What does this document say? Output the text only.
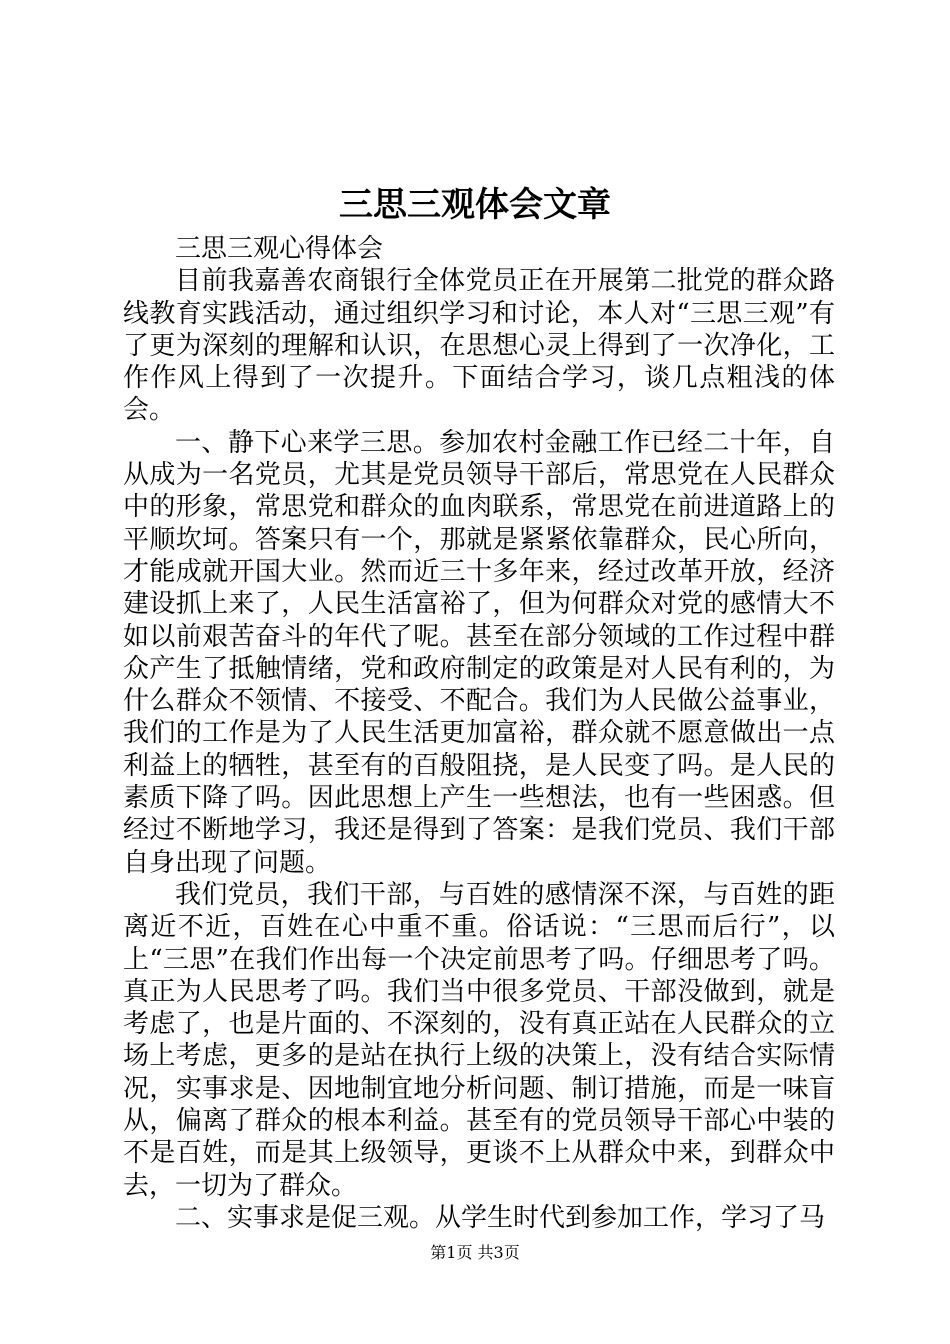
三思三观体会文章

三思三观心得体会

目前我嘉善农商银行全体党员正在开展第二批党的群众路线教育实践活动，通过组织学习和讨论，本人对“三思三观”有了更为深刻的理解和认识，在思想心灵上得到了一次净化，工作作风上得到了一次提升。下面结合学习，谈几点粗浅的体会。

一、静下心来学三思。参加农村金融工作已经二十年，自从成为一名党员，尤其是党员领导干部后，常思党在人民群众中的形象，常思党和群众的血肉联系，常思党在前进道路上的平顺坎坷。答案只有一个，那就是紧紧依靠群众，民心所向，才能成就开国大业。然而近三十多年来，经过改革开放，经济建设抓上来了，人民生活富裕了，但为何群众对党的感情大不如以前艰苦奋斗的年代了呢。甚至在部分领域的工作过程中群众产生了抵触情绪，党和政府制定的政策是对人民有利的，为什么群众不领情、不接受、不配合。我们为人民做公益事业，我们的工作是为了人民生活更加富裕，群众就不愿意做出一点利益上的牺牲，甚至有的百般阻挠，是人民变了吗。是人民的素质下降了吗。因此思想上产生一些想法，也有一些困惑。但经过不断地学习，我还是得到了答案：是我们党员、我们干部自身出现了问题。

我们党员，我们干部，与百姓的感情深不深，与百姓的距离近不近，百姓在心中重不重。俗话说：“三思而后行”，以上“三思”在我们作出每一个决定前思考了吗。仔细思考了吗。真正为人民思考了吗。我们当中很多党员、干部没做到，就是考虑了，也是片面的、不深刻的，没有真正站在人民群众的立场上考虑，更多的是站在执行上级的决策上，没有结合实际情况，实事求是、因地制宜地分析问题、制订措施，而是一味盲从，偏离了群众的根本利益。甚至有的党员领导干部心中装的不是百姓，而是其上级领导，更谈不上从群众中来，到群众中去，一切为了群众。

二、实事求是促三观。从学生时代到参加工作，学习了马

第1页 共3页
